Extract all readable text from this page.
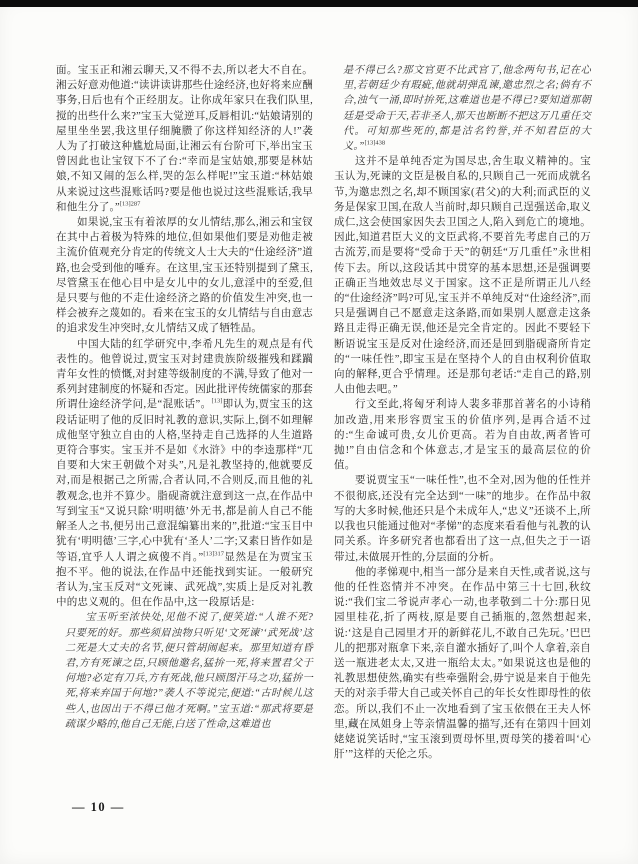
面。宝玉正和湘云聊天,又不得不去,所以老大不自在。湘云好意劝他道:“读讲读讲那些仕途经济,也好将来应酬事务,日后也有个正经朋友。让你成年家只在我们队里,搅的出些什么来?”宝玉大觉逆耳,反唇相讥:“姑娘请别的屋里坐坐罢,我这里仔细腌臜了你这样知经济的人!”袭人为了打破这种尴尬局面,让湘云有台阶可下,举出宝玉曾因此也让宝钗下不了台:“幸而是宝姑娘,那要是林姑娘,不知又闹的怎么样,哭的怎么样呢!”宝玉道:“林姑娘从来说过这些混账话吗?要是他也说过这些混账话,我早和他生分了。”$^{[13]287}$

如果说,宝玉有着浓厚的女儿情结,那么,湘云和宝钗在其中占着极为特殊的地位,但如果他们要是劝他走被主流价值观充分肯定的传统文人士大夫的“仕途经济”道路,也会受到他的唾弃。在这里,宝玉还特别提到了黛玉,尽管黛玉在他心目中是女儿中的女儿,意淫中的至爱,但是只要与他的不走仕途经济之路的价值发生冲突,也一样会被弃之蔑如的。看来在宝玉的女儿情结与自由意志的追求发生冲突时,女儿情结又成了牺牲品。

中国大陆的红学研究中,李希凡先生的观点是有代表性的。他曾说过,贾宝玉对封建贵族阶级摧残和蹂躏青年女性的愤慨,对封建等级制度的不满,导致了他对一系列封建制度的怀疑和否定。因此批评传统儒家的那套所谓仕途经济学问,是“混账话”。[13]即认为,贾宝玉的这段话证明了他的反旧时礼教的意识,实际上,倒不如理解成他坚守独立自由的人格,坚持走自己选择的人生道路更符合事实。宝玉并不是如《水浒》中的李逵那样“兀自要和大宋王朝做个对头”,凡是礼教坚持的,他就要反对,而是根据己之所需,合者认同,不合则反,而且他的礼教观念,也并不算少。脂砚斋就注意到这一点,在作品中写到宝玉“又说只除‘明明德’外无书,都是前人自己不能解圣人之书,便另出己意混编纂出来的”,批道:“宝玉目中犹有‘明明德’三字,心中犹有‘圣人’二字;又素日皆作如是等语,宜乎人人谓之疯傻不肖。”$^{[13]317}$显然是在为贾宝玉抱不平。他的说法,在作品中还能找到实证。一般研究者认为,宝玉反对“文死谏、武死战”,实质上是反对礼教中的忠义观的。但在作品中,这一段原话是:

宝玉听至浓快处,见他不说了,便笑道:“人谁不死?只要死的好。那些须眉浊物只听见‘文死谏’‘武死战’这二死是大丈夫的名节,便只管胡闹起来。那里知道有昏君,方有死谏之臣,只顾他邀名,猛拚一死,将来置君父于何地?必定有刀兵,方有死战,他只顾图汗马之功,猛拚一死,将来弃国于何地?”袭人不等说完,便道:“古时候儿这些人,也因出于不得已他才死啊。”宝玉道:“那武将要是疏谋少略的,他自己无能,白送了性命,这难道也

是不得已么?那文官更不比武官了,他念两句书,记在心里,若朝廷少有瑕疵,他就胡弹乱谏,邀忠烈之名;倘有不合,浊气一涌,即时拚死,这难道也是不得已?要知道那朝廷是受命于天,若非圣人,那天也断断不把这万几重任交代。可知那些死的,都是沽名钓誉,并不知君臣的大义。”$^{[13]438}$

这并不是单纯否定为国尽忠,舍生取义精神的。宝玉认为,死谏的文臣是极自私的,只顾自己一死而成就名节,为邀忠烈之名,却不顾国家(君父)的大利;而武臣的义务是保家卫国,在敌人当前时,却只顾自己逞强送命,取义成仁,这会使国家因失去卫国之人,陷入到危亡的境地。因此,知道君臣大义的文臣武将,不要首先考虑自己的万古流芳,而是要将“受命于天”的朝廷“万几重任”永世相传下去。所以,这段话其中贯穿的基本思想,还是强调要正确正当地效忠尽义于国家。这不正是所谓正儿八经的“仕途经济”吗?可见,宝玉并不单纯反对“仕途经济”,而只是强调自己不愿意走这条路,而如果别人愿意走这条路且走得正确无误,他还是完全肯定的。因此不要轻下断语说宝玉是反对仕途经济,而还是回到脂砚斋所肯定的“一味任性”,即宝玉是在坚持个人的自由权利价值取向的解释,更合乎情理。还是那句老话:“走自己的路,别人由他去吧。”

行文至此,将匈牙利诗人裴多菲那首著名的小诗稍加改造,用来形容贾宝玉的价值序列,是再合适不过的:“生命诚可贵,女儿价更高。若为自由故,两者皆可抛!”自由信念和个体意志,才是宝玉的最高层位的价值。

要说贾宝玉“一味任性”,也不全对,因为他的任性并不很彻底,还没有完全达到“一味”的地步。在作品中叙写的大多时候,他还只是个未成年人,“忠义”还谈不上,所以我也只能通过他对“孝悌”的态度来看看他与礼教的认同关系。许多研究者也都看出了这一点,但失之于一语带过,未做展开性的,分层面的分析。

他的孝悌观中,相当一部分是来自天性,或者说,这与他的任性恣情并不冲突。在作品中第三十七回,秋纹说:“我们宝二爷说声孝心一动,也孝敬到二十分:那日见园里桂花,折了两枝,原是要自己插瓶的,忽然想起来,说:‘这是自己园里才开的新鲜花儿,不敢自己先玩。’巴巴儿的把那对瓶拿下来,亲自灌水插好了,叫个人拿着,亲自送一瓶进老太太,又进一瓶给太太。”如果说这也是他的礼教思想使然,确实有些牵强附会,毋宁说是来自于他先天的对亲手带大自己或关怀自己的年长女性即母性的依恋。所以,我们不止一次地看到了宝玉依偎在王夫人怀里,藏在凤姐身上等亲情温馨的描写,还有在第四十回刘姥姥说笑话时,“宝玉滚到贾母怀里,贾母笑的搂着叫‘心肝’”这样的天伦之乐。

— 10 —
